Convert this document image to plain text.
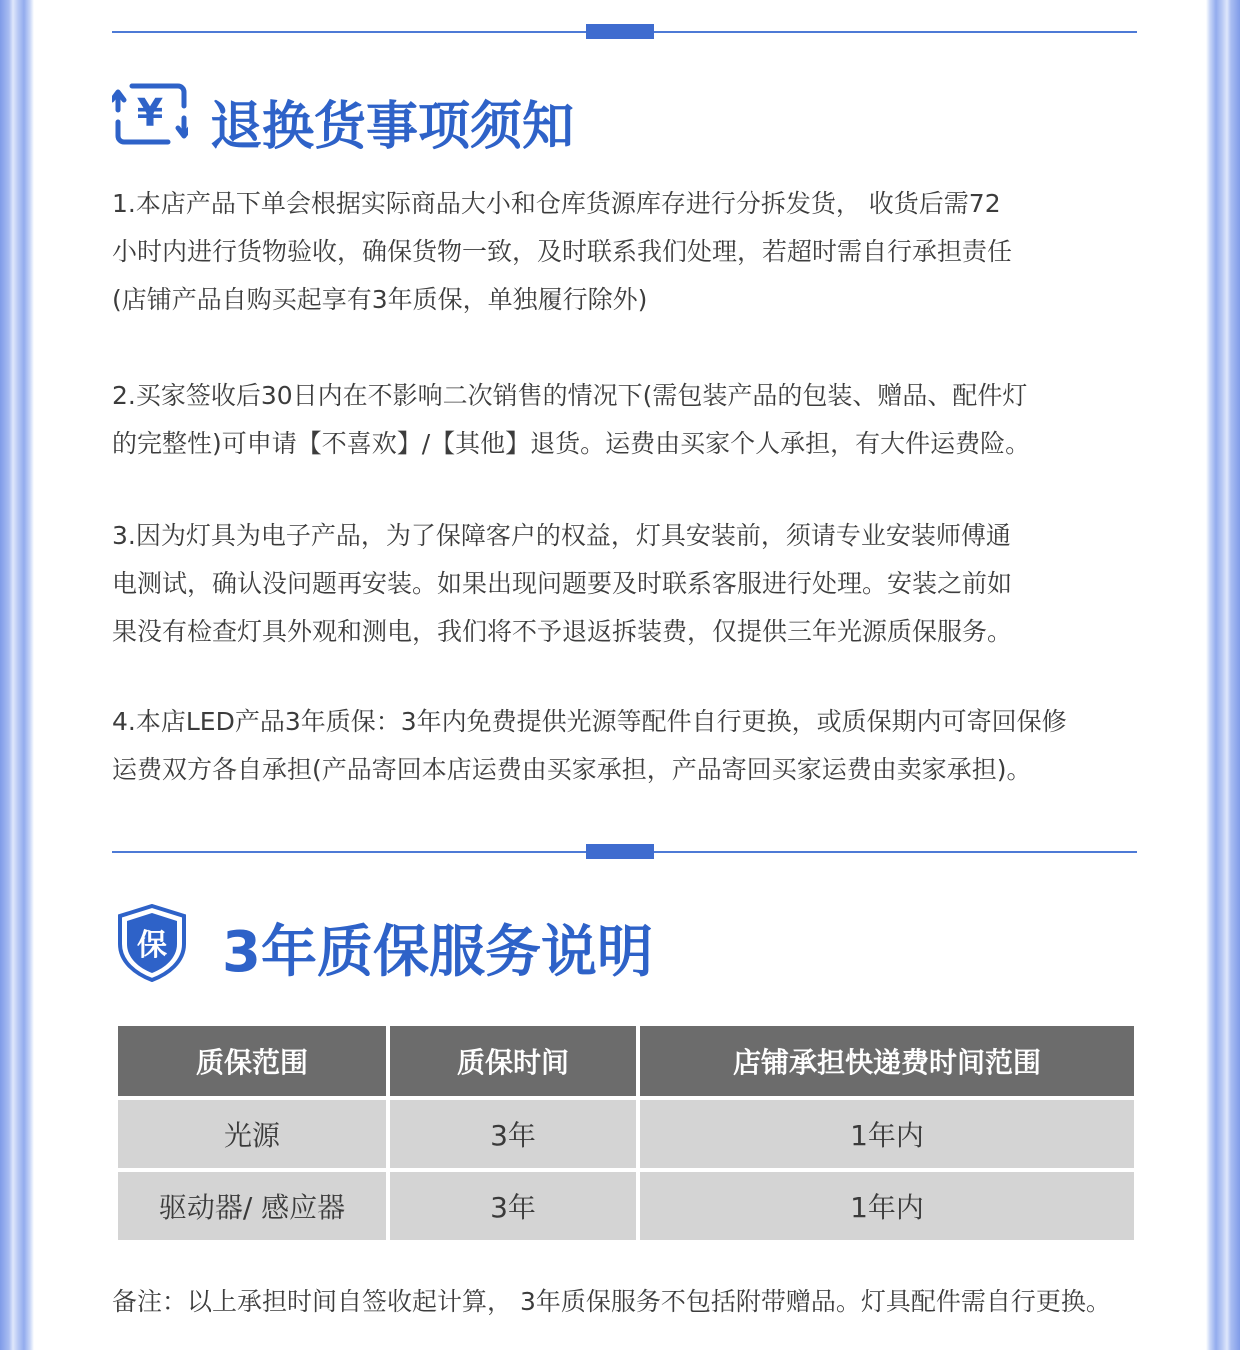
¥ 退换货事项须知
1.本店产品下单会根据实际商品大小和仓库货源库存进行分拆发货， 收货后需72
小时内进行货物验收，确保货物一致，及时联系我们处理，若超时需自行承担责任
(店铺产品自购买起享有3年质保，单独履行除外)
2.买家签收后30日内在不影响二次销售的情况下(需包装产品的包装、赠品、配件灯
的完整性)可申请【不喜欢】/【其他】退货。运费由买家个人承担，有大件运费险。
3.因为灯具为电子产品，为了保障客户的权益，灯具安装前，须请专业安装师傅通
电测试，确认没问题再安装。如果出现问题要及时联系客服进行处理。安装之前如
果没有检查灯具外观和测电，我们将不予退返拆装费，仅提供三年光源质保服务。
4.本店LED产品3年质保：3年内免费提供光源等配件自行更换，或质保期内可寄回保修
运费双方各自承担(产品寄回本店运费由买家承担，产品寄回买家运费由卖家承担)。
保 3年质保服务说明
质保范围	质保时间	店铺承担快递费时间范围
光源	3年	1年内
驱动器/ 感应器	3年	1年内
备注：以上承担时间自签收起计算， 3年质保服务不包括附带赠品。灯具配件需自行更换。
